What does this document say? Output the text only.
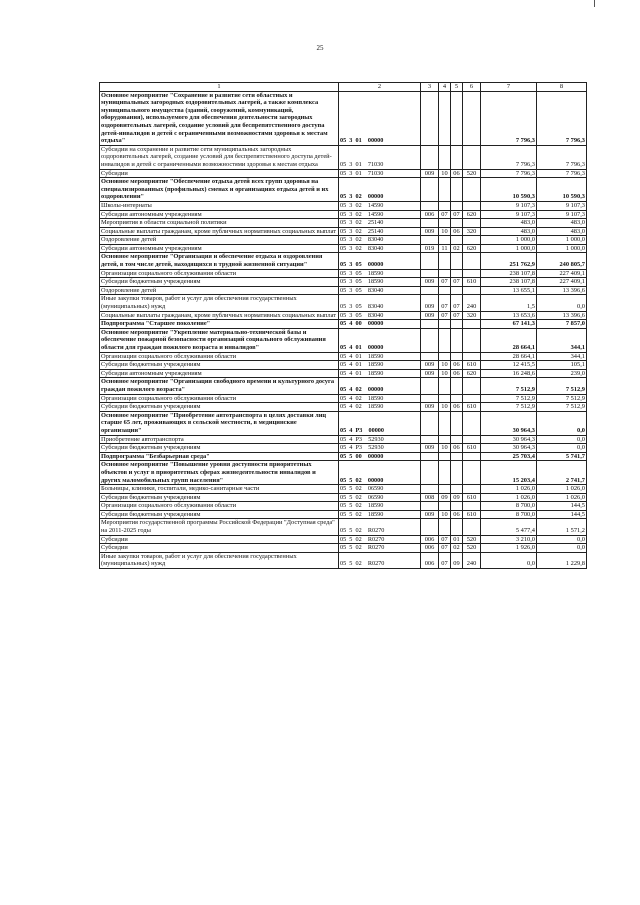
25
1	2	3	4	5	6	7	8
Основное мероприятие "Сохранение и развитие сети областных и муниципальных загородных оздоровительных лагерей, а также комплекса муниципального имущества (зданий, сооружений, коммуникаций, оборудования), используемого для обеспечения деятельности загородных оздоровительных лагерей, создание условий для беспрепятственного доступа детей-инвалидов и детей с ограниченными возможностями здоровья к местам отдыха"	05  3  01    00000					7 796,3	7 796,3
Субсидии на сохранение и развитие сети муниципальных загородных оздоровительных лагерей, создание условий для беспрепятственного доступа детей-инвалидов и детей с ограниченными возможностями здоровья к местам отдыха	05  3  01    71030					7 796,3	7 796,3
Субсидии	05  3  01    71030	009	10	06	520	7 796,3	7 796,3
Основное мероприятие "Обеспечение отдыха детей всех групп здоровья на специализированных (профильных) сменах и организациях отдыха детей и их оздоровлении"	05  3  02    00000					10 590,3	10 590,3
Школы-интернаты	05  3  02    14590					9 107,3	9 107,3
Субсидии автономным учреждениям	05  3  02    14590	006	07	07	620	9 107,3	9 107,3
Мероприятия в области социальной политики	05  3  02    25140					483,0	483,0
Социальные выплаты гражданам, кроме публичных нормативных социальных выплат	05  3  02    25140	009	10	06	320	483,0	483,0
Оздоровление детей	05  3  02    83040					1 000,0	1 000,0
Субсидии автономным учреждениям	05  3  02    83040	019	11	02	620	1 000,0	1 000,0
Основное мероприятие "Организация и обеспечение отдыха и оздоровления детей, в том числе детей, находящихся в трудной жизненной ситуации"	05  3  05    00000					251 762,9	240 805,7
Организации социального обслуживания области	05  3  05    18590					238 107,8	227 409,1
Субсидии бюджетным учреждениям	05  3  05    18590	009	07	07	610	238 107,8	227 409,1
Оздоровление детей	05  3  05    83040					13 655,1	13 396,6
Иные закупки товаров, работ и услуг для обеспечения государственных (муниципальных) нужд	05  3  05    83040	009	07	07	240	1,5	0,0
Социальные выплаты гражданам, кроме публичных нормативных социальных выплат	05  3  05    83040	009	07	07	320	13 653,6	13 396,6
Подпрограмма "Старшее поколение"	05  4  00    00000					67 141,3	7 857,0
Основное мероприятие "Укрепление материально-технической базы и обеспечение пожарной безопасности организаций социального обслуживания области для граждан пожилого возраста и инвалидов"	05  4  01    00000					28 664,1	344,1
Организации социального обслуживания области	05  4  01    18590					28 664,1	344,1
Субсидии бюджетным учреждениям	05  4  01    18590	009	10	06	610	12 415,5	105,1
Субсидии автономным учреждениям	05  4  01    18590	009	10	06	620	16 248,6	239,0
Основное мероприятие "Организация свободного времени и культурного досуга граждан пожилого возраста"	05  4  02    00000					7 512,9	7 512,9
Организации социального обслуживания области	05  4  02    18590					7 512,9	7 512,9
Субсидии бюджетным учреждениям	05  4  02    18590	009	10	06	610	7 512,9	7 512,9
Основное мероприятие "Приобретение автотранспорта в целях доставки лиц старше 65 лет, проживающих в сельской местности, в медицинские организации"	05  4  Р3    00000					30 964,3	0,0
Приобретение автотранспорта	05  4  Р3    52930					30 964,3	0,0
Субсидии бюджетным учреждениям	05  4  Р3    52930	009	10	06	610	30 964,3	0,0
Подпрограмма "Безбарьерная среда"	05  5  00    00000					25 703,4	5 741,7
Основное мероприятие "Повышение уровня доступности приоритетных объектов и услуг в приоритетных сферах жизнедеятельности инвалидов и других маломобильных групп населения"	05  5  02    00000					15 203,4	2 741,7
Больницы, клиники, госпитали, медико-санитарные части	05  5  02    06590					1 026,0	1 026,0
Субсидии бюджетным учреждениям	05  5  02    06590	008	09	09	610	1 026,0	1 026,0
Организации социального обслуживания области	05  5  02    18590					8 700,0	144,5
Субсидии бюджетным учреждениям	05  5  02    18590	009	10	06	610	8 700,0	144,5
Мероприятия государственной программы Российской Федерации "Доступная среда" на 2011-2025 годы	05  5  02    R0270					5 477,4	1 571,2
Субсидии	05  5  02    R0270	006	07	01	520	3 210,0	0,0
Субсидии	05  5  02    R0270	006	07	02	520	1 926,0	0,0
Иные закупки товаров, работ и услуг для обеспечения государственных (муниципальных) нужд	05  5  02    R0270	006	07	09	240	0,0	1 229,8
